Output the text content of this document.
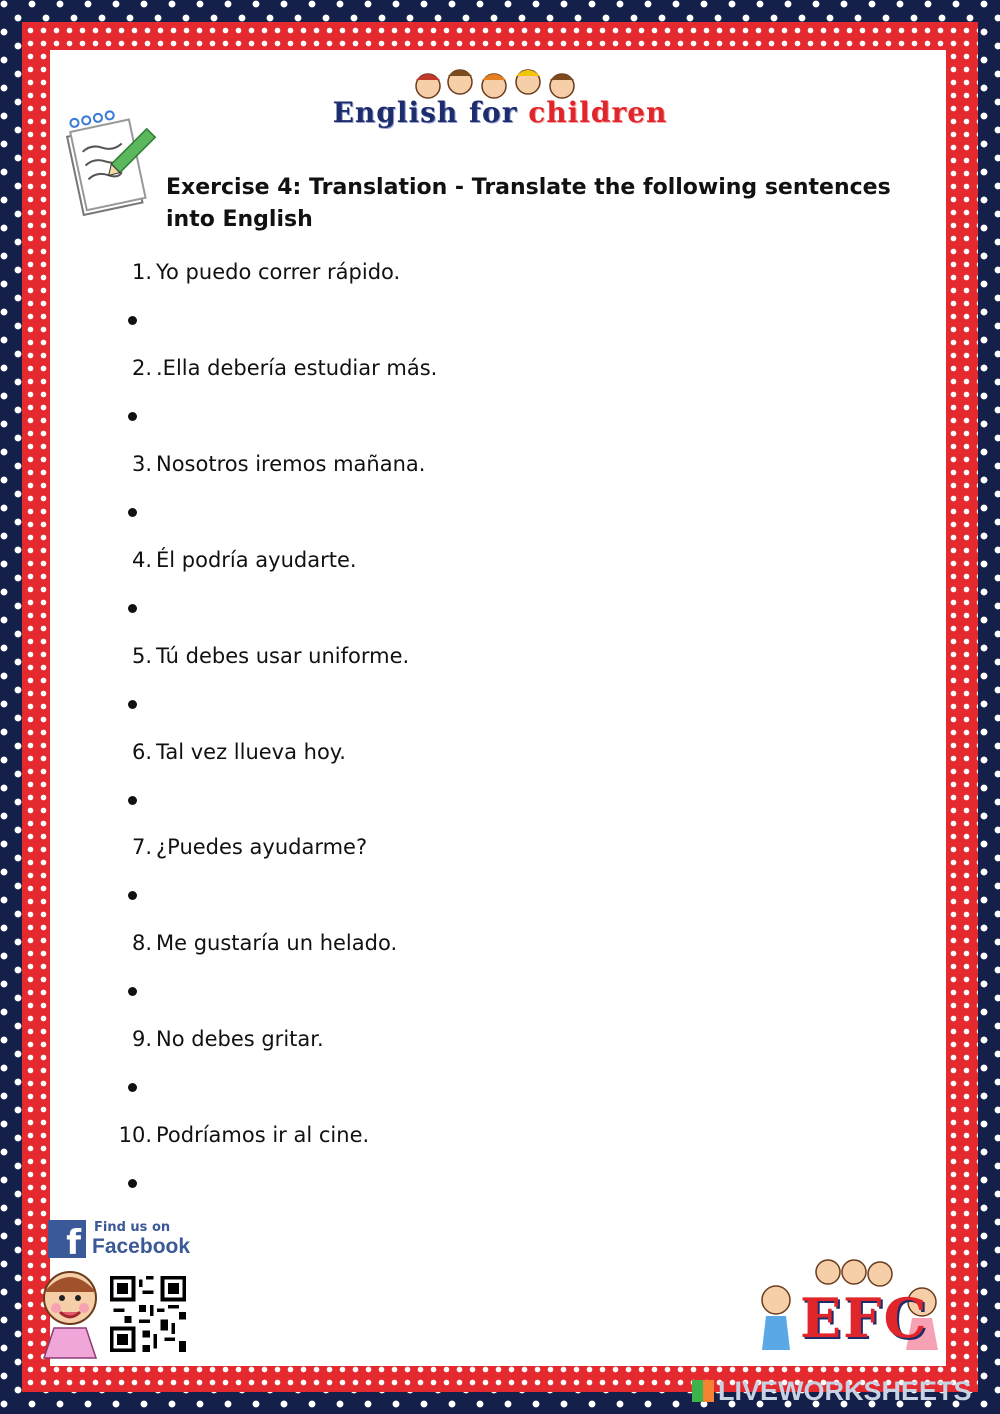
English for children
Exercise 4: Translation - Translate the following sentences into English
1. Yo puedo correr rápido.
2. .Ella debería estudiar más.
3. Nosotros iremos mañana.
4. Él podría ayudarte.
5. Tú debes usar uniforme.
6. Tal vez llueva hoy.
7. ¿Puedes ayudarme?
8. Me gustaría un helado.
9. No debes gritar.
10. Podríamos ir al cine.
f	Find us on
Facebook
EFC
LIVEWORKSHEETS
